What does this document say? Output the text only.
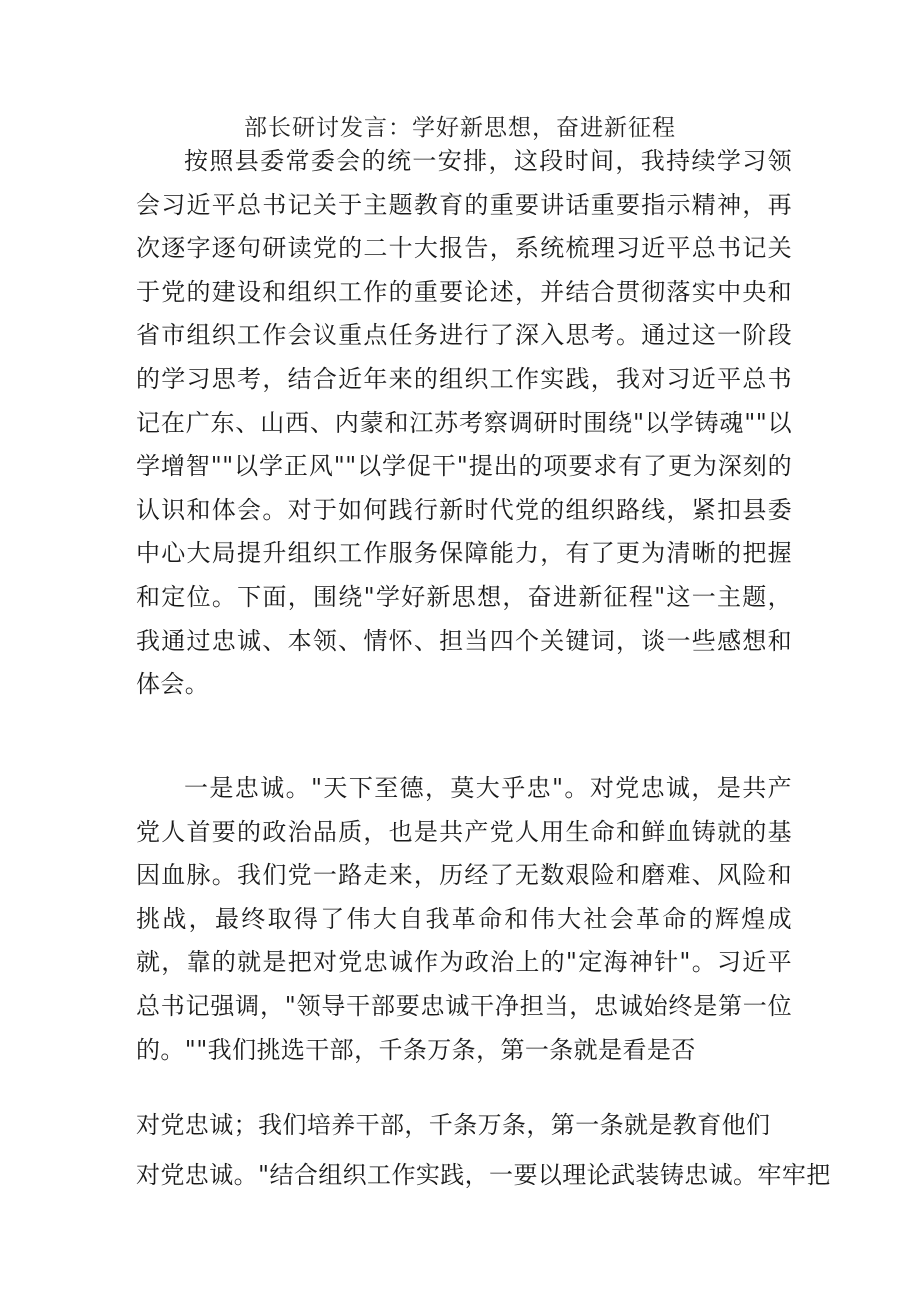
部长研讨发言：学好新思想，奋进新征程

按照县委常委会的统一安排，这段时间，我持续学习领会习近平总书记关于主题教育的重要讲话重要指示精神，再次逐字逐句研读党的二十大报告，系统梳理习近平总书记关于党的建设和组织工作的重要论述，并结合贯彻落实中央和省市组织工作会议重点任务进行了深入思考。通过这一阶段的学习思考，结合近年来的组织工作实践，我对习近平总书记在广东、山西、内蒙和江苏考察调研时围绕"以学铸魂""以学增智""以学正风""以学促干"提出的项要求有了更为深刻的认识和体会。对于如何践行新时代党的组织路线，紧扣县委中心大局提升组织工作服务保障能力，有了更为清晰的把握和定位。下面，围绕"学好新思想，奋进新征程"这一主题，我通过忠诚、本领、情怀、担当四个关键词，谈一些感想和体会。

一是忠诚。"天下至德，莫大乎忠"。对党忠诚，是共产党人首要的政治品质，也是共产党人用生命和鲜血铸就的基因血脉。我们党一路走来，历经了无数艰险和磨难、风险和挑战，最终取得了伟大自我革命和伟大社会革命的辉煌成就，靠的就是把对党忠诚作为政治上的"定海神针"。习近平总书记强调，"领导干部要忠诚干净担当，忠诚始终是第一位的。""我们挑选干部，千条万条，第一条就是看是否

对党忠诚；我们培养干部，千条万条，第一条就是教育他们

对党忠诚。"结合组织工作实践，一要以理论武装铸忠诚。牢牢把
